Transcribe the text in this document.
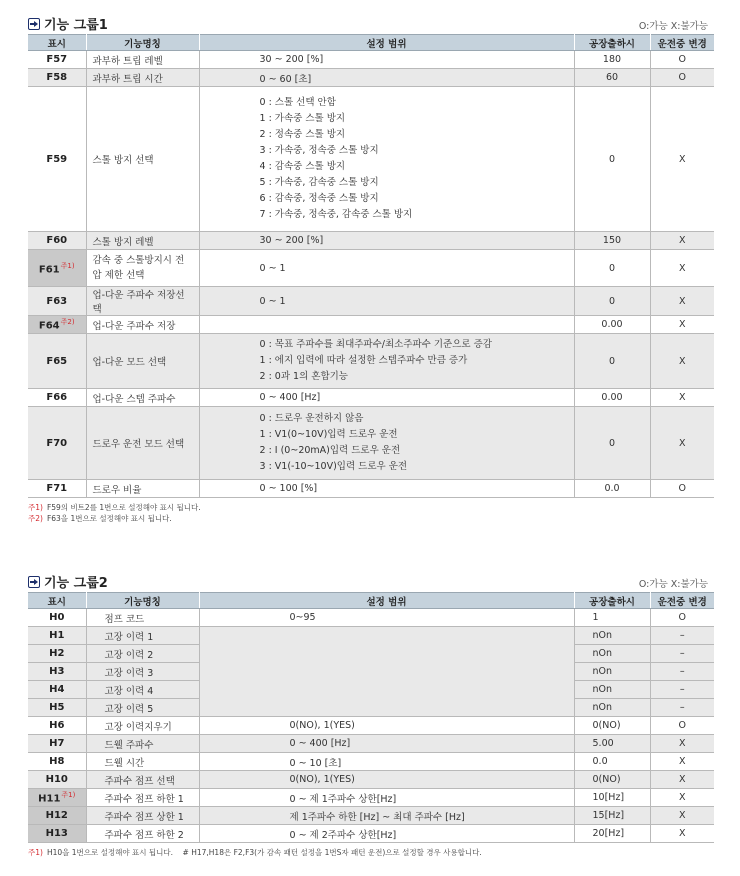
기능 그룹1	O:가능 X:불가능
표시	기능명칭	설정 범위	공장출하시	운전중 변경
F57	과부하 트립 레벨	30 ~ 200 [%]	180	O
F58	과부하 트립 시간	0 ~ 60 [초]	60	O
F59	스톨 방지 선택	
0 : 스톨 선택 안함
1 : 가속중 스톨 방지
2 : 정속중 스톨 방지
3 : 가속중, 정속중 스톨 방지
4 : 감속중 스톨 방지
5 : 가속중, 감속중 스톨 방지
6 : 감속중, 정속중 스톨 방지
7 : 가속중, 정속중, 감속중 스톨 방지
	0	X
F60	스톨 방지 레벨	30 ~ 200 [%]	150	X
F61$^{주1)}$	감속 중 스톨방지시 전압 제한 선택	0 ~ 1	0	X
F63	업-다운 주파수 저장선택	0 ~ 1	0	X
F64$^{주2)}$	업-다운 주파수 저장		0.00	X
F65	업-다운 모드 선택	0 : 목표 주파수를 최대주파수/최소주파수 기준으로 증감
1 : 에지 입력에 따라 설정한 스텝주파수 만큼 증가
2 : 0과 1의 혼합기능	0	X
F66	업-다운 스텝 주파수	0 ~ 400 [Hz]	0.00	X
F70	드로우 운전 모드 선택	0 : 드로우 운전하지 않음
1 : V1(0~10V)입력 드로우 운전
2 : I (0~20mA)입력 드로우 운전
3 : V1(-10~10V)입력 드로우 운전	0	X
F71	드로우 비율	0 ~ 100 [%]	0.0	O
주1) F59의 비트2를 1번으로 설정해야 표시 됩니다.
주2) F63을 1번으로 설정해야 표시 됩니다.
기능 그룹2	O:가능 X:불가능
표시	기능명칭	설정 범위	공장출하시	운전중 변경
H0	점프 코드	0~95	1	O
H1	고장 이력 1		nOn	–
H2	고장 이력 2		nOn	–
H3	고장 이력 3		nOn	–
H4	고장 이력 4		nOn	–
H5	고장 이력 5		nOn	–
H6	고장 이력지우기	0(NO), 1(YES)	0(NO)	O
H7	드웰 주파수	0 ~ 400 [Hz]	5.00	X
H8	드웰 시간	0 ~ 10 [초]	0.0	X
H10	주파수 점프 선택	0(NO), 1(YES)	0(NO)	X
H11$^{주1)}$	주파수 점프 하한 1	0 ~ 제 1주파수 상한[Hz]	10[Hz]	X
H12	주파수 점프 상한 1	제 1주파수 하한 [Hz] ~ 최대 주파수 [Hz]	15[Hz]	X
H13	주파수 점프 하한 2	0 ~ 제 2주파수 상한[Hz]	20[Hz]	X
주1) H10을 1번으로 설정해야 표시 됩니다.    # H17,H18은 F2,F3(가 감속 패턴 설정을 1번S자 패턴 운전)으로 설정할 경우 사용합니다.
